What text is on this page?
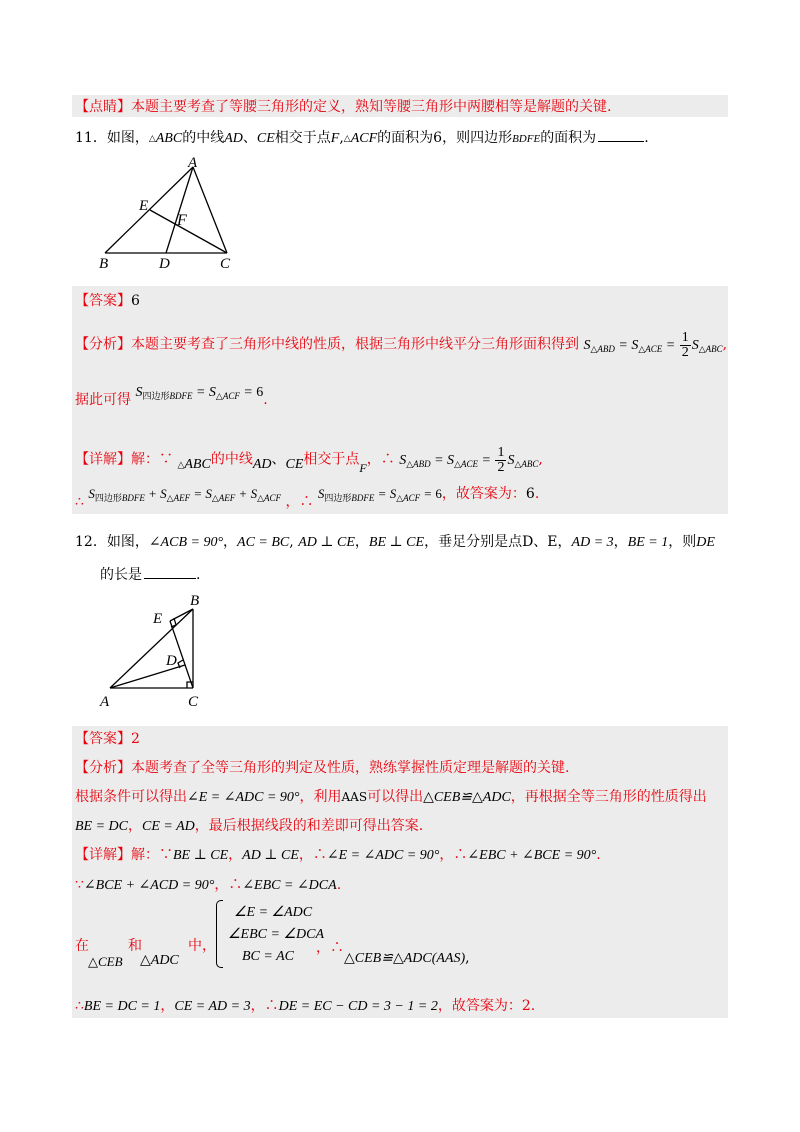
【点睛】本题主要考查了等腰三角形的定义，熟知等腰三角形中两腰相等是解题的关键.
11．如图，△ABC的中线AD、CE相交于点F,△ACF的面积为6，则四边形BDFE的面积为	.
A
E
F
B	D	C
【答案】6
【分析】本题主要考查了三角形中线的性质，根据三角形中线平分三角形面积得到 $S_{\triangle ABD} = S_{\triangle ACE} = \frac{1}{2} S_{\triangle ABC}$,
据此可得 $S_{四边形BDFE} = S_{\triangle ACF} = 6$.
【详解】解：∵ $_\triangle$ABC的中线AD、CE相交于点F，∴ $S_{\triangle ABD} = S_{\triangle ACE} = \frac{1}{2} S_{\triangle ABC}$,
∴ $S_{四边形BDFE} + S_{\triangle AEF} = S_{\triangle AEF} + S_{\triangle ACF}$ ，∴ $S_{四边形BDFE} = S_{\triangle ACF} = 6$，故答案为：6.
12．如图，∠ACB = 90°，AC = BC, AD ⊥ CE，BE ⊥ CE，垂足分别是点D、E，AD = 3，BE = 1，则DE
的长是	.
B
E
D
A	C
【答案】2
【分析】本题考查了全等三角形的判定及性质，熟练掌握性质定理是解题的关键.
根据条件可以得出∠E = ∠ADC = 90°，利用AAS可以得出△CEB≌△ADC，再根据全等三角形的性质得出
BE = DC，CE = AD，最后根据线段的和差即可得出答案.
【详解】解：∵BE ⊥ CE，AD ⊥ CE，∴∠E = ∠ADC = 90°，∴∠EBC + ∠BCE = 90°.
∵∠BCE + ∠ACD = 90°，∴∠EBC = ∠DCA.
在
△CEB
和
△ADC
中，
∠E = ∠ADC
∠EBC = ∠DCA
BC = AC
，∴
△CEB≌△ADC(AAS),
∴BE = DC = 1，CE = AD = 3，∴DE = EC − CD = 3 − 1 = 2，故答案为：2.
